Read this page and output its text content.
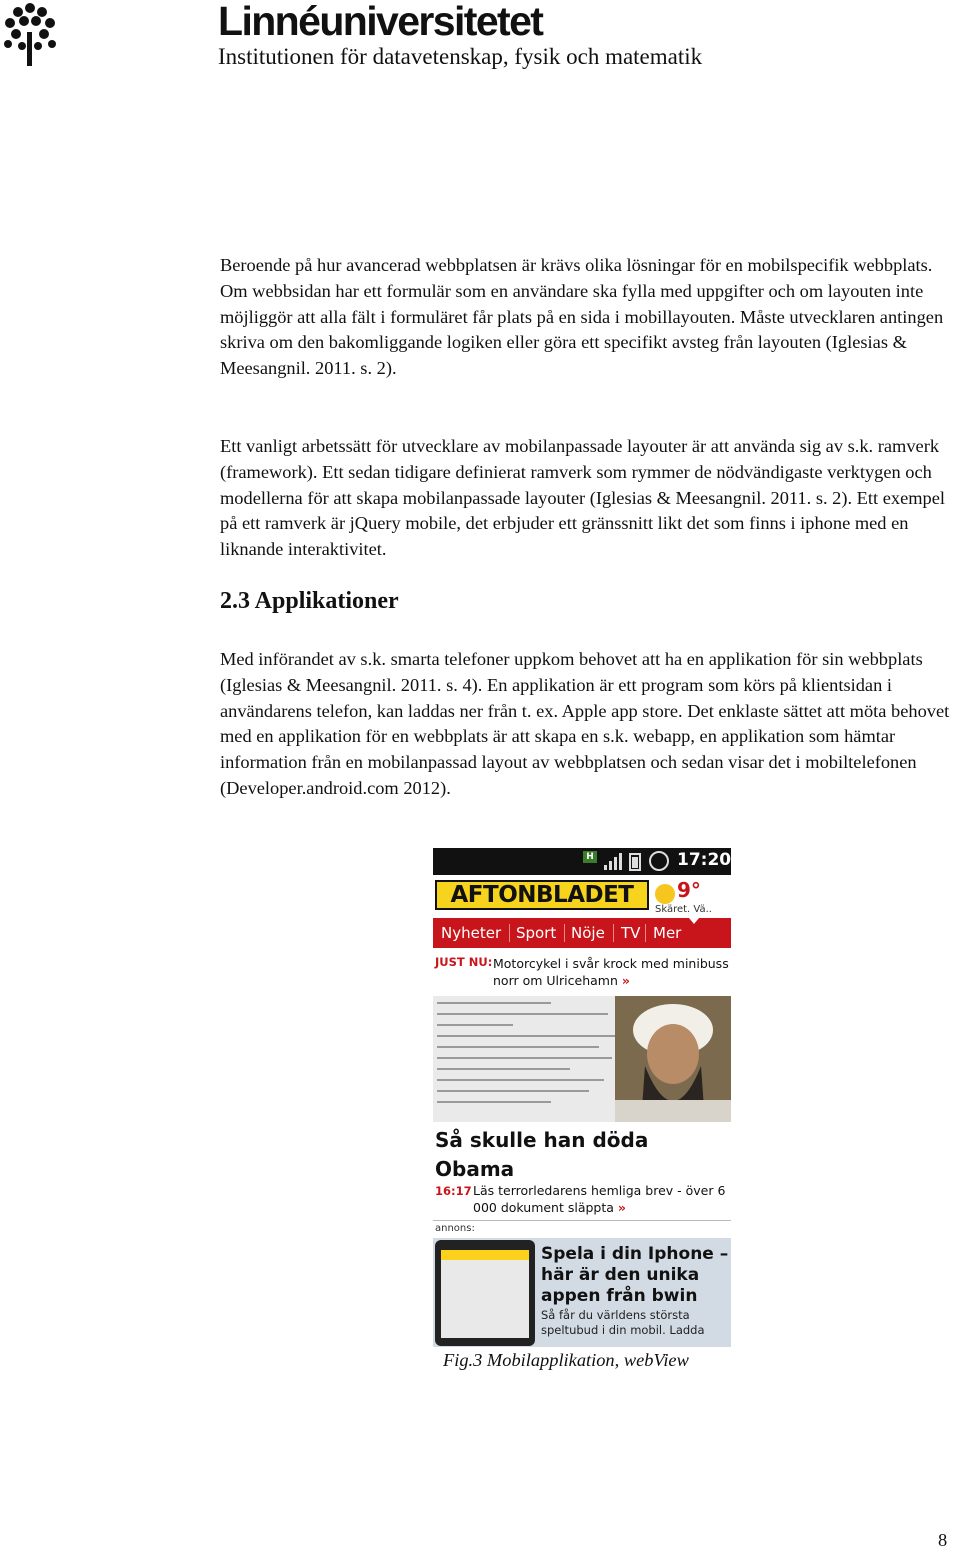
Linnéuniversitetet
Institutionen för datavetenskap, fysik och matematik

Beroende på hur avancerad webbplatsen är krävs olika lösningar för en mobilspecifik webbplats. Om webbsidan har ett formulär som en användare ska fylla med uppgifter och om layouten inte möjliggör att alla fält i formuläret får plats på en sida i mobillayouten. Måste utvecklaren antingen skriva om den bakomliggande logiken eller göra ett specifikt avsteg från layouten (Iglesias & Meesangnil. 2011. s. 2).

Ett vanligt arbetssätt för utvecklare av mobilanpassade layouter är att använda sig av s.k. ramverk (framework). Ett sedan tidigare definierat ramverk som rymmer de nödvändigaste verktygen och modellerna för att skapa mobilanpassade layouter (Iglesias & Meesangnil. 2011. s. 2). Ett exempel på ett ramverk är jQuery mobile, det erbjuder ett gränssnitt likt det som finns i iphone med en liknande interaktivitet.

2.3 Applikationer

Med införandet av s.k. smarta telefoner uppkom behovet att ha en applikation för sin webbplats (Iglesias & Meesangnil. 2011. s. 4). En applikation är ett program som körs på klientsidan i användarens telefon, kan laddas ner från t. ex. Apple app store. Det enklaste sättet att möta behovet med en applikation för en webbplats är att skapa en s.k. webapp, en applikation som hämtar information från en mobilanpassad layout av webbplatsen och sedan visar det i mobiltelefonen (Developer.android.com 2012).

H	17:20
AFTONBLADET	9°
Skäret. Vä..
Nyheter Sport Nöje TV Mer
JUST NU: Motorcykel i svår krock med minibuss norr om Ulricehamn »
Så skulle han döda Obama
16:17 Läs terrorledarens hemliga brev - över 6 000 dokument släppta »
annons:
Spela i din Iphone – här är den unika appen från bwin
Så får du världens största speltubud i din mobil. Ladda
Fig.3 Mobilapplikation, webView
8
